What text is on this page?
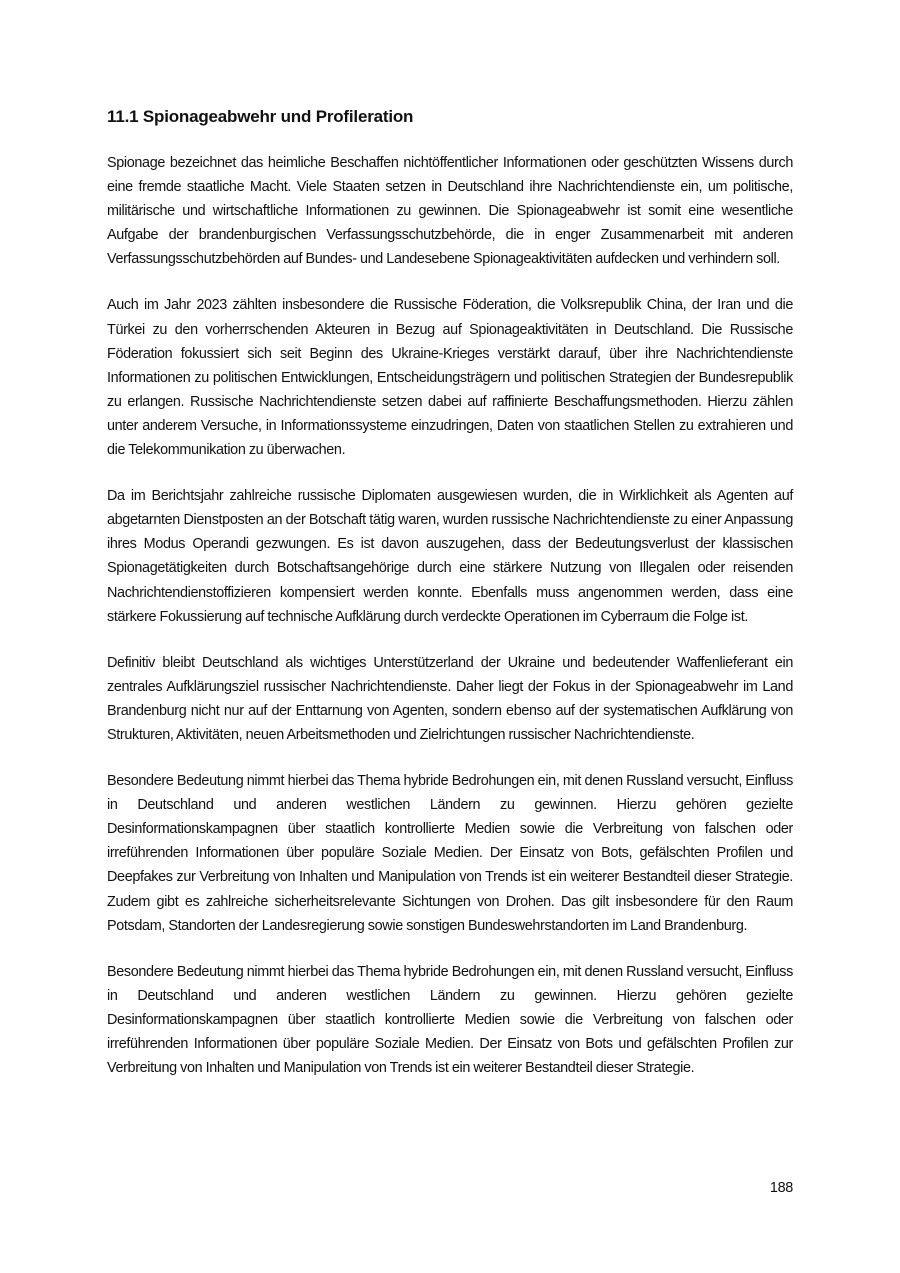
11.1 Spionageabwehr und Profileration

Spionage bezeichnet das heimliche Beschaffen nichtöffentlicher Informationen oder geschützten Wissens durch eine fremde staatliche Macht. Viele Staaten setzen in Deutschland ihre Nachrichtendienste ein, um politische, militärische und wirtschaftliche Informationen zu gewinnen. Die Spionageabwehr ist somit eine wesentliche Aufgabe der brandenburgischen Verfassungsschutzbehörde, die in enger Zusammenarbeit mit anderen Verfassungsschutzbehörden auf Bundes- und Landesebene Spionageaktivitäten aufdecken und verhindern soll.

Auch im Jahr 2023 zählten insbesondere die Russische Föderation, die Volksrepublik China, der Iran und die Türkei zu den vorherrschenden Akteuren in Bezug auf Spionageaktivitäten in Deutschland. Die Russische Föderation fokussiert sich seit Beginn des Ukraine-Krieges verstärkt darauf, über ihre Nachrichtendienste Informationen zu politischen Entwicklungen, Entscheidungsträgern und politischen Strategien der Bundesrepublik zu erlangen. Russische Nachrichtendienste setzen dabei auf raffinierte Beschaffungsmethoden. Hierzu zählen unter anderem Versuche, in Informationssysteme einzudringen, Daten von staatlichen Stellen zu extrahieren und die Telekommunikation zu überwachen.

Da im Berichtsjahr zahlreiche russische Diplomaten ausgewiesen wurden, die in Wirklichkeit als Agenten auf abgetarnten Dienstposten an der Botschaft tätig waren, wurden russische Nachrichtendienste zu einer Anpassung ihres Modus Operandi gezwungen. Es ist davon auszugehen, dass der Bedeutungsverlust der klassischen Spionagetätigkeiten durch Botschaftsangehörige durch eine stärkere Nutzung von Illegalen oder reisenden Nachrichtendienstoffizieren kompensiert werden konnte. Ebenfalls muss angenommen werden, dass eine stärkere Fokussierung auf technische Aufklärung durch verdeckte Operationen im Cyberraum die Folge ist.

Definitiv bleibt Deutschland als wichtiges Unterstützerland der Ukraine und bedeutender Waffenlieferant ein zentrales Aufklärungsziel russischer Nachrichtendienste. Daher liegt der Fokus in der Spionageabwehr im Land Brandenburg nicht nur auf der Enttarnung von Agenten, sondern ebenso auf der systematischen Aufklärung von Strukturen, Aktivitäten, neuen Arbeitsmethoden und Zielrichtungen russischer Nachrichtendienste.

Besondere Bedeutung nimmt hierbei das Thema hybride Bedrohungen ein, mit denen Russland versucht, Einfluss in Deutschland und anderen westlichen Ländern zu gewinnen. Hierzu gehören gezielte Desinformationskampagnen über staatlich kontrollierte Medien sowie die Verbreitung von falschen oder irreführenden Informationen über populäre Soziale Medien. Der Einsatz von Bots, gefälschten Profilen und Deepfakes zur Verbreitung von Inhalten und Manipulation von Trends ist ein weiterer Bestandteil dieser Strategie. Zudem gibt es zahlreiche sicherheitsrelevante Sichtungen von Drohen. Das gilt insbesondere für den Raum Potsdam, Standorten der Landesregierung sowie sonstigen Bundeswehrstandorten im Land Brandenburg.

Besondere Bedeutung nimmt hierbei das Thema hybride Bedrohungen ein, mit denen Russland versucht, Einfluss in Deutschland und anderen westlichen Ländern zu gewinnen. Hierzu gehören gezielte Desinformationskampagnen über staatlich kontrollierte Medien sowie die Verbreitung von falschen oder irreführenden Informationen über populäre Soziale Medien. Der Einsatz von Bots und gefälschten Profilen zur Verbreitung von Inhalten und Manipulation von Trends ist ein weiterer Bestandteil dieser Strategie.

188
